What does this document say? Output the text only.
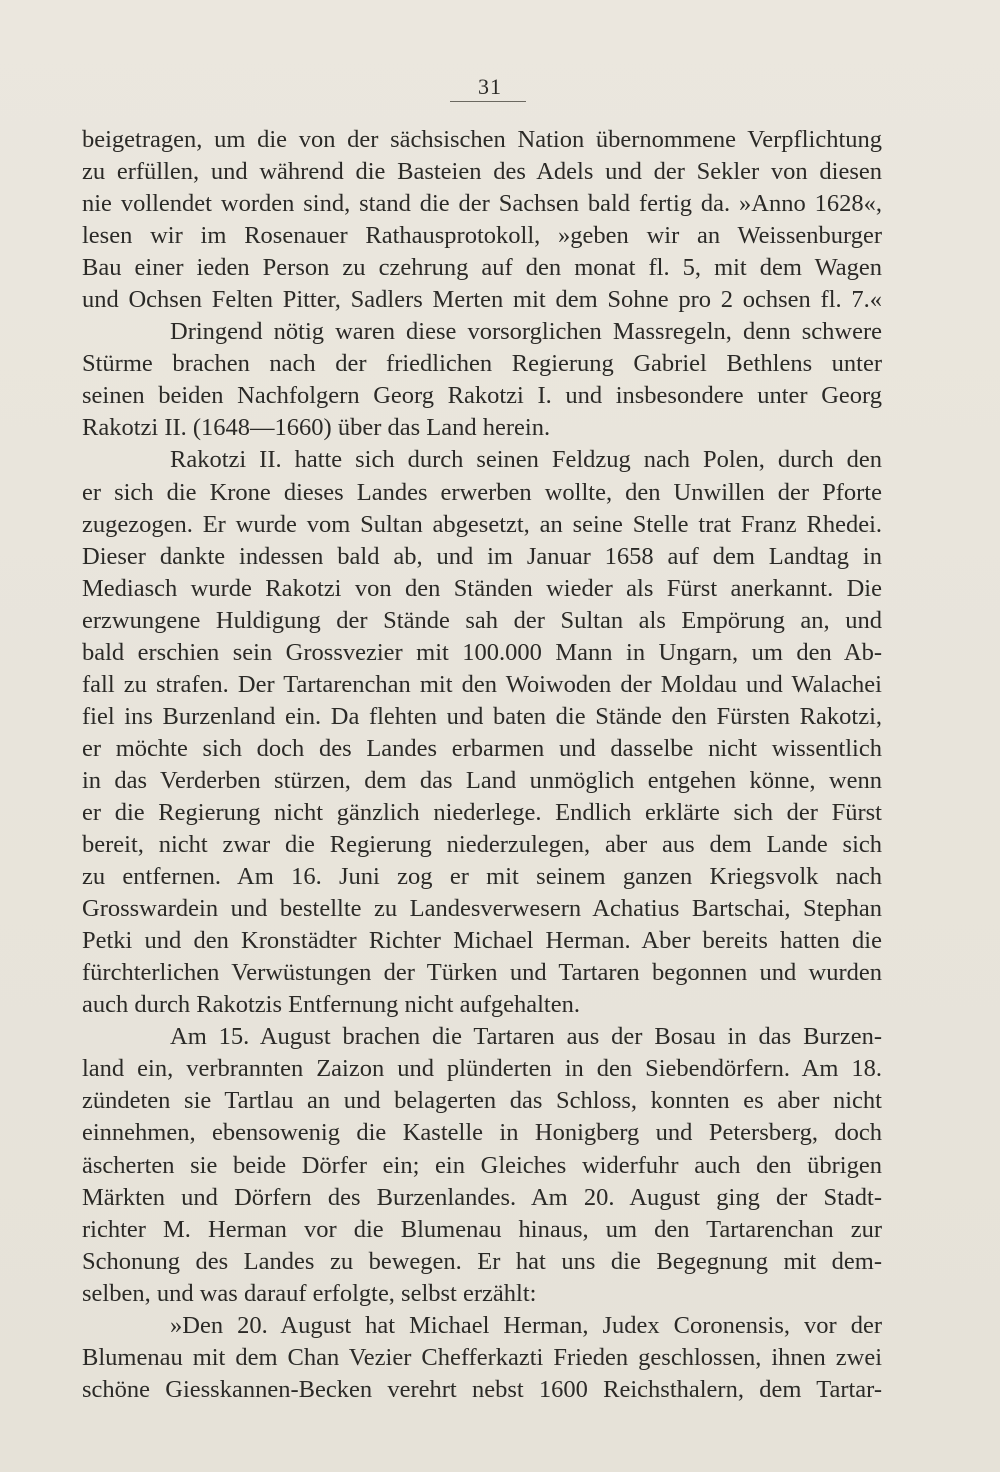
31
beigetragen, um die von der sächsischen Nation übernommene Verpflichtung
zu erfüllen, und während die Basteien des Adels und der Sekler von diesen
nie vollendet worden sind, stand die der Sachsen bald fertig da. »Anno 1628«,
lesen wir im Rosenauer Rathausprotokoll, »geben wir an Weissenburger
Bau einer ieden Person zu czehrung auf den monat fl. 5, mit dem Wagen
und Ochsen Felten Pitter, Sadlers Merten mit dem Sohne pro 2 ochsen fl. 7.«
Dringend nötig waren diese vorsorglichen Massregeln, denn schwere
Stürme brachen nach der friedlichen Regierung Gabriel Bethlens unter
seinen beiden Nachfolgern Georg Rakotzi I. und insbesondere unter Georg
Rakotzi II. (1648—1660) über das Land herein.
Rakotzi II. hatte sich durch seinen Feldzug nach Polen, durch den
er sich die Krone dieses Landes erwerben wollte, den Unwillen der Pforte
zugezogen. Er wurde vom Sultan abgesetzt, an seine Stelle trat Franz Rhedei.
Dieser dankte indessen bald ab, und im Januar 1658 auf dem Landtag in
Mediasch wurde Rakotzi von den Ständen wieder als Fürst anerkannt. Die
erzwungene Huldigung der Stände sah der Sultan als Empörung an, und
bald erschien sein Grossvezier mit 100.000 Mann in Ungarn, um den Ab-
fall zu strafen. Der Tartarenchan mit den Woiwoden der Moldau und Walachei
fiel ins Burzenland ein. Da flehten und baten die Stände den Fürsten Rakotzi,
er möchte sich doch des Landes erbarmen und dasselbe nicht wissentlich
in das Verderben stürzen, dem das Land unmöglich entgehen könne, wenn
er die Regierung nicht gänzlich niederlege. Endlich erklärte sich der Fürst
bereit, nicht zwar die Regierung niederzulegen, aber aus dem Lande sich
zu entfernen. Am 16. Juni zog er mit seinem ganzen Kriegsvolk nach
Grosswardein und bestellte zu Landesverwesern Achatius Bartschai, Stephan
Petki und den Kronstädter Richter Michael Herman. Aber bereits hatten die
fürchterlichen Verwüstungen der Türken und Tartaren begonnen und wurden
auch durch Rakotzis Entfernung nicht aufgehalten.
Am 15. August brachen die Tartaren aus der Bosau in das Burzen-
land ein, verbrannten Zaizon und plünderten in den Siebendörfern. Am 18.
zündeten sie Tartlau an und belagerten das Schloss, konnten es aber nicht
einnehmen, ebensowenig die Kastelle in Honigberg und Petersberg, doch
äscherten sie beide Dörfer ein; ein Gleiches widerfuhr auch den übrigen
Märkten und Dörfern des Burzenlandes. Am 20. August ging der Stadt-
richter M. Herman vor die Blumenau hinaus, um den Tartarenchan zur
Schonung des Landes zu bewegen. Er hat uns die Begegnung mit dem-
selben, und was darauf erfolgte, selbst erzählt:
»Den 20. August hat Michael Herman, Judex Coronensis, vor der
Blumenau mit dem Chan Vezier Chefferkazti Frieden geschlossen, ihnen zwei
schöne Giesskannen-Becken verehrt nebst 1600 Reichsthalern, dem Tartar-
